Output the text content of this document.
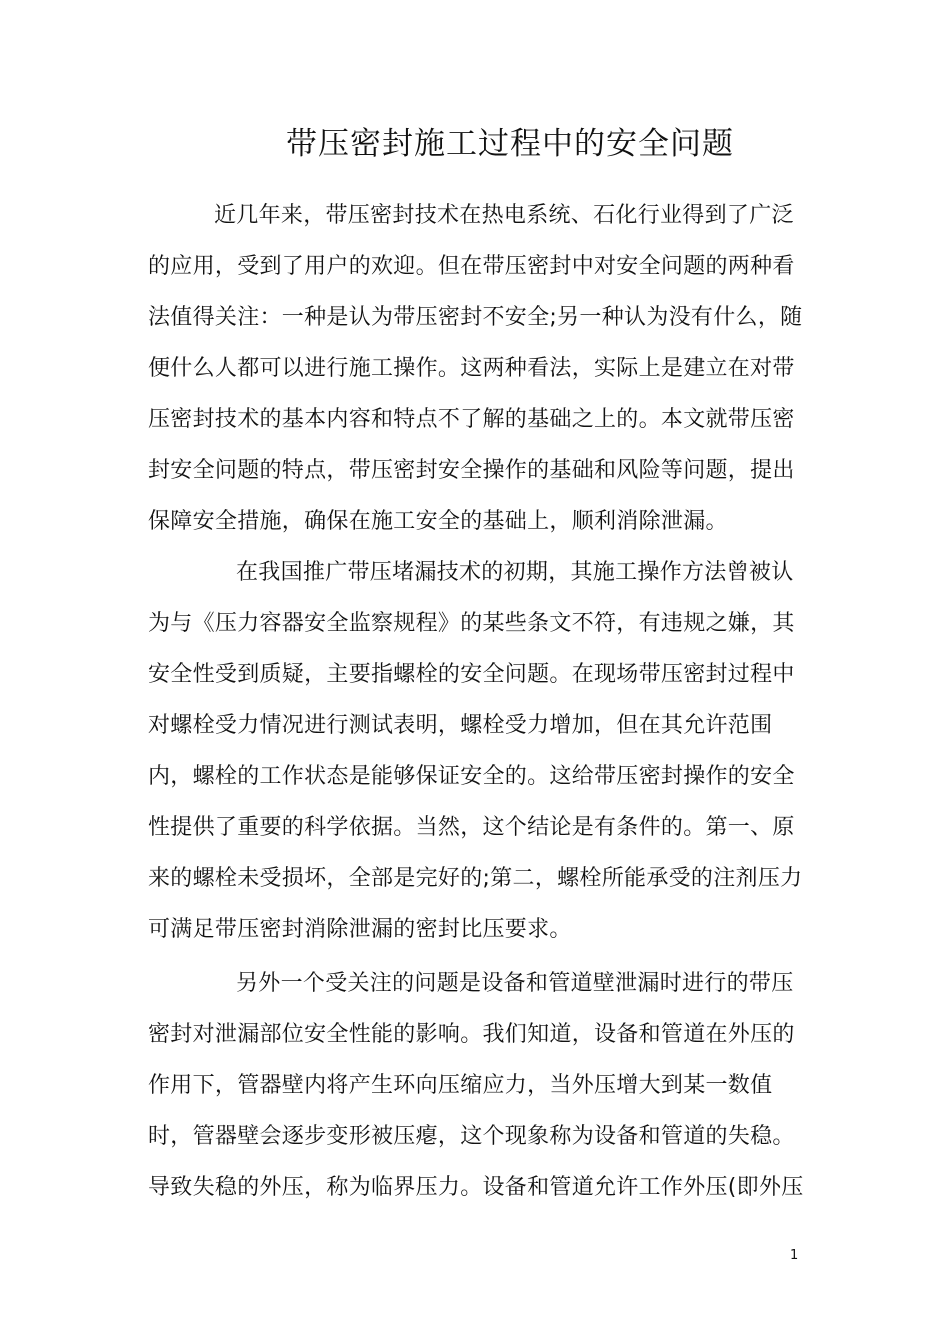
带压密封施工过程中的安全问题

近几年来，带压密封技术在热电系统、石化行业得到了广泛

的应用，受到了用户的欢迎。但在带压密封中对安全问题的两种看

法值得关注：一种是认为带压密封不安全;另一种认为没有什么，随

便什么人都可以进行施工操作。这两种看法，实际上是建立在对带

压密封技术的基本内容和特点不了解的基础之上的。本文就带压密

封安全问题的特点，带压密封安全操作的基础和风险等问题，提出

保障安全措施，确保在施工安全的基础上，顺利消除泄漏。

在我国推广带压堵漏技术的初期，其施工操作方法曾被认

为与《压力容器安全监察规程》的某些条文不符，有违规之嫌，其

安全性受到质疑，主要指螺栓的安全问题。在现场带压密封过程中

对螺栓受力情况进行测试表明，螺栓受力增加，但在其允许范围

内，螺栓的工作状态是能够保证安全的。这给带压密封操作的安全

性提供了重要的科学依据。当然，这个结论是有条件的。第一、原

来的螺栓未受损坏，全部是完好的;第二，螺栓所能承受的注剂压力

可满足带压密封消除泄漏的密封比压要求。

另外一个受关注的问题是设备和管道壁泄漏时进行的带压

密封对泄漏部位安全性能的影响。我们知道，设备和管道在外压的

作用下，管器壁内将产生环向压缩应力，当外压增大到某一数值

时，管器壁会逐步变形被压瘪，这个现象称为设备和管道的失稳。

导致失稳的外压，称为临界压力。设备和管道允许工作外压(即外压

1
